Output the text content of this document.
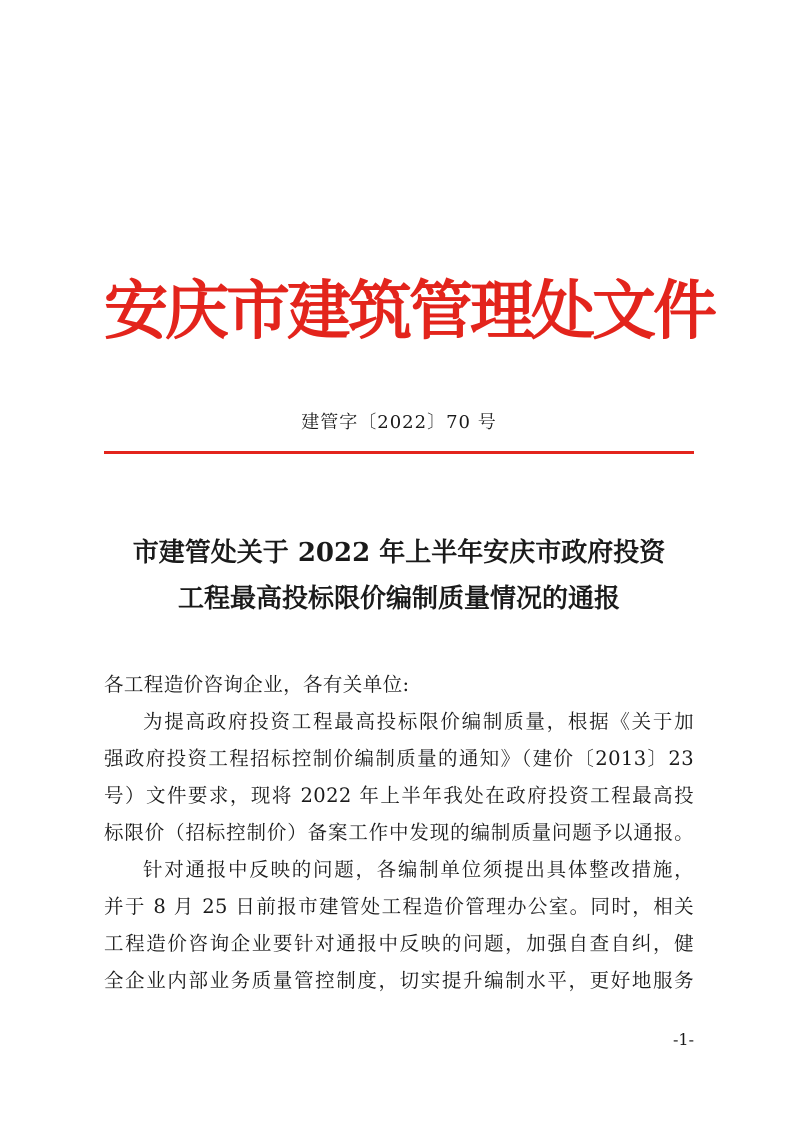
安庆市建筑管理处文件
建管字〔2022〕70 号
市建管处关于 2022 年上半年安庆市政府投资
工程最高投标限价编制质量情况的通报
各工程造价咨询企业，各有关单位:
为提高政府投资工程最高投标限价编制质量，根据《关于加
强政府投资工程招标控制价编制质量的通知》（建价〔2013〕23
号）文件要求，现将 2022 年上半年我处在政府投资工程最高投
标限价（招标控制价）备案工作中发现的编制质量问题予以通报。
针对通报中反映的问题，各编制单位须提出具体整改措施，
并于 8 月 25 日前报市建管处工程造价管理办公室。同时，相关
工程造价咨询企业要针对通报中反映的问题，加强自查自纠，健
全企业内部业务质量管控制度，切实提升编制水平，更好地服务
-1-
